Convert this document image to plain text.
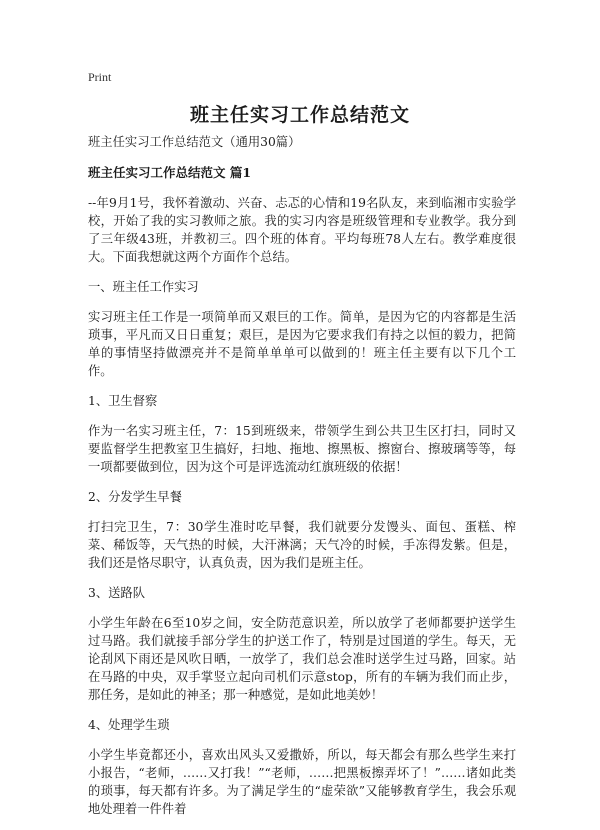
Print
班主任实习工作总结范文

班主任实习工作总结范文（通用30篇）

班主任实习工作总结范文 篇1

--年9月1号，我怀着激动、兴奋、忐忑的心情和19名队友，来到临湘市实验学校，开始了我的实习教师之旅。我的实习内容是班级管理和专业教学。我分到了三年级43班，并教初三。四个班的体育。平均每班78人左右。教学难度很大。下面我想就这两个方面作个总结。

一、班主任工作实习

实习班主任工作是一项简单而又艰巨的工作。简单，是因为它的内容都是生活琐事，平凡而又日日重复；艰巨，是因为它要求我们有持之以恒的毅力，把简单的事情坚持做漂亮并不是简单单单可以做到的！班主任主要有以下几个工作。

1、卫生督察

作为一名实习班主任，7：15到班级来，带领学生到公共卫生区打扫，同时又要监督学生把教室卫生搞好，扫地、拖地、擦黑板、擦窗台、擦玻璃等等，每一项都要做到位，因为这个可是评选流动红旗班级的依据！

2、分发学生早餐

打扫完卫生，7：30学生准时吃早餐，我们就要分发馒头、面包、蛋糕、榨菜、稀饭等，天气热的时候，大汗淋漓；天气冷的时候，手冻得发紫。但是，我们还是恪尽职守，认真负责，因为我们是班主任。

3、送路队

小学生年龄在6至10岁之间，安全防范意识差，所以放学了老师都要护送学生过马路。我们就接手部分学生的护送工作了，特别是过国道的学生。每天，无论刮风下雨还是风吹日晒，一放学了，我们总会准时送学生过马路，回家。站在马路的中央，双手掌竖立起向司机们示意stop，所有的车辆为我们而止步，那任务，是如此的神圣；那一种感觉，是如此地美妙！

4、处理学生琐

小学生毕竟都还小，喜欢出风头又爱撒娇，所以，每天都会有那么些学生来打小报告，“老师，……又打我！”“老师，……把黑板擦弄坏了！”……诸如此类的琐事，每天都有许多。为了满足学生的“虚荣欲”又能够教育学生，我会乐观地处理着一件件着
